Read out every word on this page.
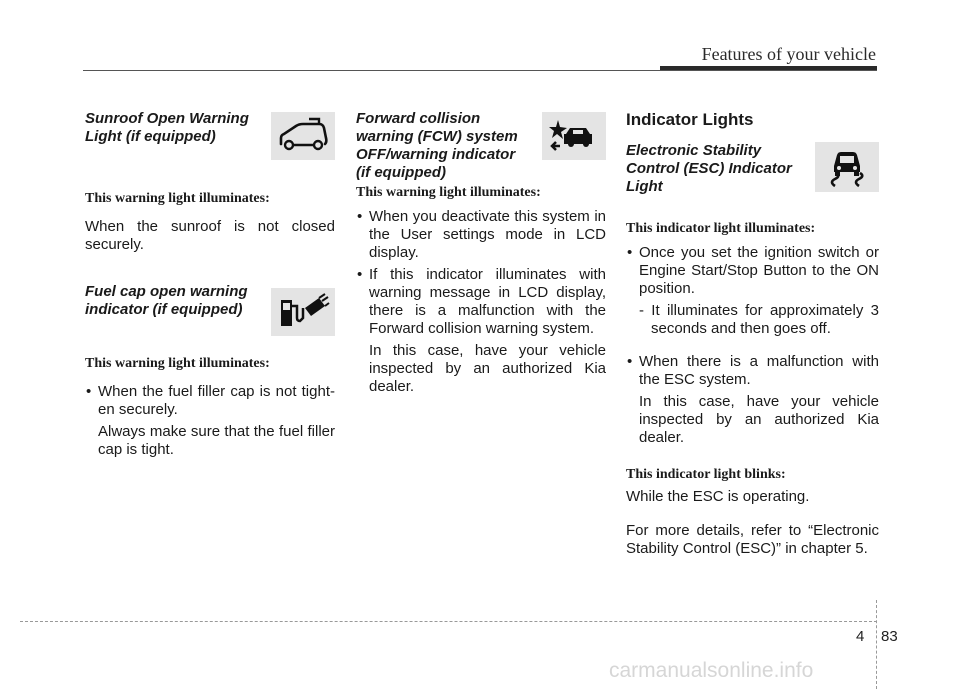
Features of your vehicle

Sunroof Open Warning
Light (if equipped)

This warning light illuminates:

When the sunroof is not closed securely.

Fuel cap open warning
indicator (if equipped)

This warning light illuminates:

• When the fuel filler cap is not tight-en securely.

Always make sure that the fuel filler cap is tight.

Forward collision
warning (FCW) system
OFF/warning indicator
(if equipped)

This warning light illuminates:

• When you deactivate this system in the User settings mode in LCD display.
• If this indicator illuminates with warning message in LCD display, there is a malfunction with the Forward collision warning system.

In this case, have your vehicle inspected by an authorized Kia dealer.

Indicator Lights

Electronic Stability
Control (ESC) Indicator
Light

This indicator light illuminates:

• Once you set the ignition switch or Engine Start/Stop Button to the ON position.

- It illuminates for approximately 3 seconds and then goes off.

• When there is a malfunction with the ESC system.

In this case, have your vehicle inspected by an authorized Kia dealer.

This indicator light blinks:

While the ESC is operating.

For more details, refer to “Electronic Stability Control (ESC)” in chapter 5.

4 83
carmanualsonline.info
